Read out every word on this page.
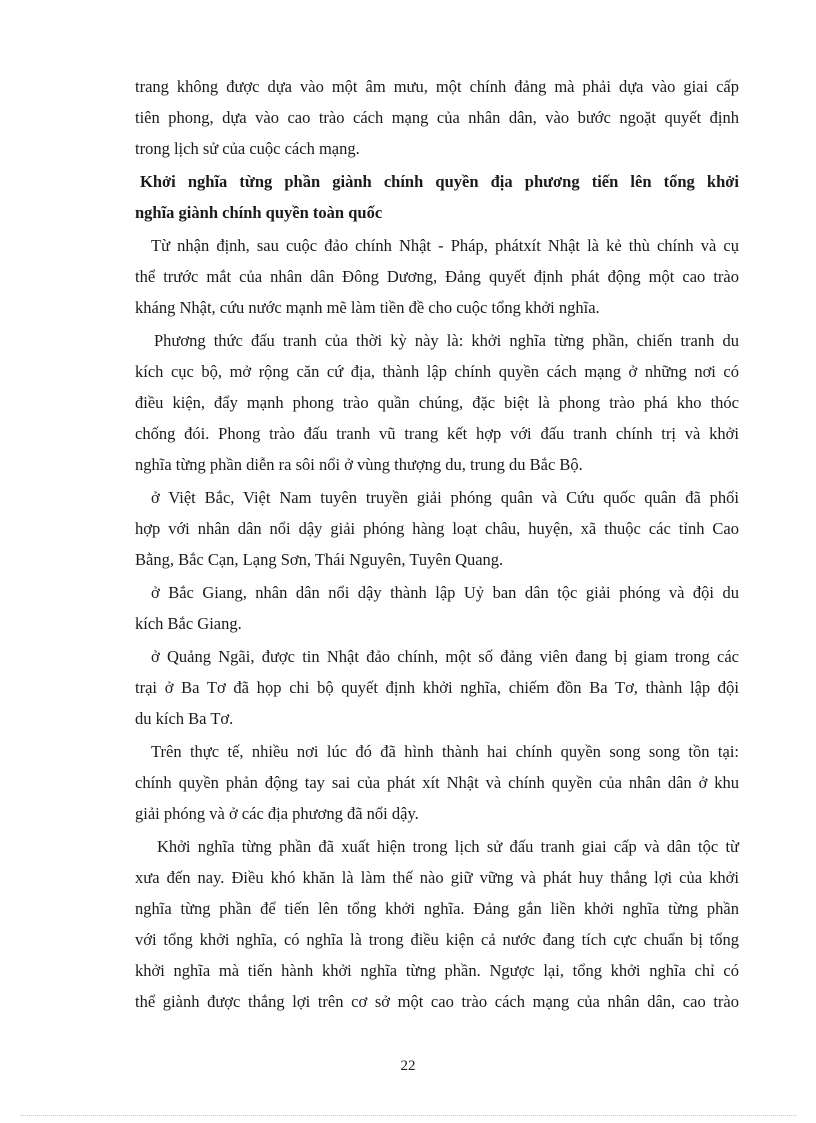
trang không được dựa vào một âm mưu, một chính đảng mà phải dựa vào giai cấp
tiên phong, dựa vào cao trào cách mạng của nhân dân, vào bước ngoặt quyết định
trong lịch sử của cuộc cách mạng.
Khởi nghĩa từng phần giành chính quyền địa phương tiến lên tổng khởi
nghĩa giành chính quyền toàn quốc
Từ nhận định, sau cuộc đảo chính Nhật - Pháp, phátxít Nhật là kẻ thù chính và cụ
thể trước mắt của nhân dân Đông Dương, Đảng quyết định phát động một cao trào
kháng Nhật, cứu nước mạnh mẽ làm tiền đề cho cuộc tổng khởi nghĩa.
Phương thức đấu tranh của thời kỳ này là: khởi nghĩa từng phần, chiến tranh du
kích cục bộ, mở rộng căn cứ địa, thành lập chính quyền cách mạng ở những nơi có
điều kiện, đẩy mạnh phong trào quần chúng, đặc biệt là phong trào phá kho thóc
chống đói. Phong trào đấu tranh vũ trang kết hợp với đấu tranh chính trị và khởi
nghĩa từng phần diễn ra sôi nổi ở vùng thượng du, trung du Bắc Bộ.
ở Việt Bắc, Việt Nam tuyên truyền giải phóng quân và Cứu quốc quân đã phối
hợp với nhân dân nổi dậy giải phóng hàng loạt châu, huyện, xã thuộc các tỉnh Cao
Bằng, Bắc Cạn, Lạng Sơn, Thái Nguyên, Tuyên Quang.
ở Bắc Giang, nhân dân nổi dậy thành lập Uỷ ban dân tộc giải phóng và đội du
kích Bắc Giang.
ở Quảng Ngãi, được tin Nhật đảo chính, một số đảng viên đang bị giam trong các
trại ở Ba Tơ đã họp chi bộ quyết định khởi nghĩa, chiếm đồn Ba Tơ, thành lập đội
du kích Ba Tơ.
Trên thực tế, nhiều nơi lúc đó đã hình thành hai chính quyền song song tồn tại:
chính quyền phản động tay sai của phát xít Nhật và chính quyền của nhân dân ở khu
giải phóng và ở các địa phương đã nổi dậy.
Khởi nghĩa từng phần đã xuất hiện trong lịch sử đấu tranh giai cấp và dân tộc từ
xưa đến nay. Điều khó khăn là làm thế nào giữ vững và phát huy thắng lợi của khởi
nghĩa từng phần để tiến lên tổng khởi nghĩa. Đảng gắn liền khởi nghĩa từng phần
với tổng khởi nghĩa, có nghĩa là trong điều kiện cả nước đang tích cực chuẩn bị tổng
khởi nghĩa mà tiến hành khởi nghĩa từng phần. Ngược lại, tổng khởi nghĩa chỉ có
thể giành được thắng lợi trên cơ sở một cao trào cách mạng của nhân dân, cao trào
22
